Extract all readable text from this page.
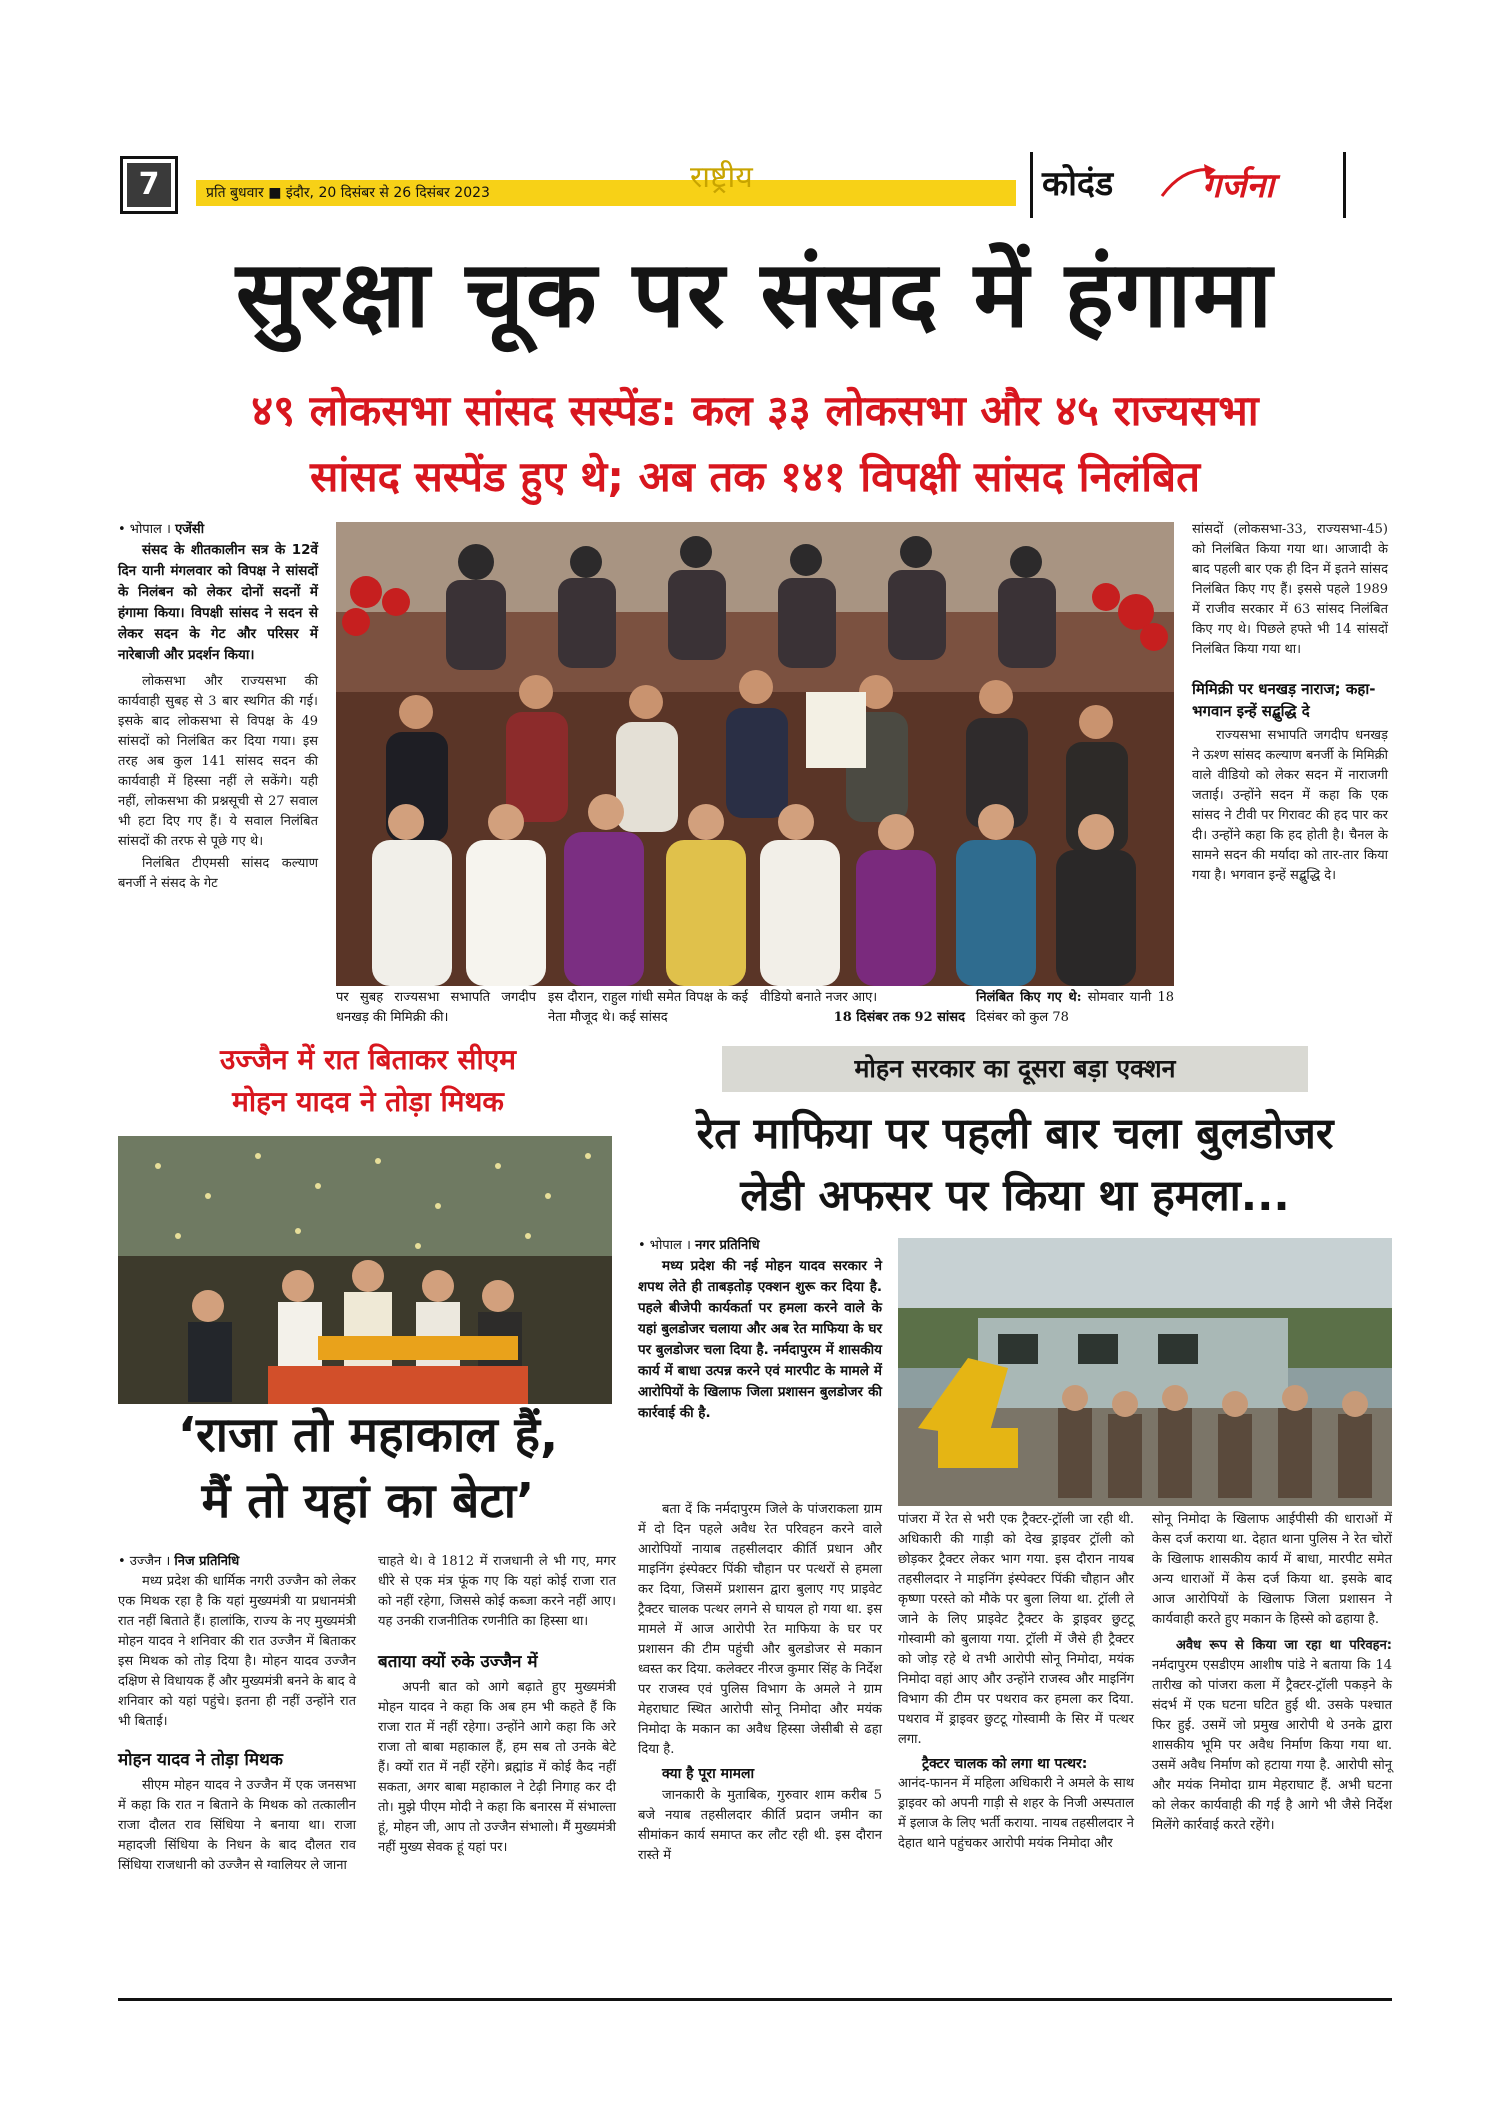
7	प्रति बुधवार ■ इंदौर, 20 दिसंबर से 26 दिसंबर 2023	राष्ट्रीय	कोदंड	गर्जना
सुरक्षा चूक पर संसद में हंगामा
४९ लोकसभा सांसद सस्पेंड: कल ३३ लोकसभा और ४५ राज्यसभा
सांसद सस्पेंड हुए थे; अब तक १४१ विपक्षी सांसद निलंबित

• भोपाल । एजेंसी

संसद के शीतकालीन सत्र के 12वें दिन यानी मंगलवार को विपक्ष ने सांसदों के निलंबन को लेकर दोनों सदनों में हंगामा किया। विपक्षी सांसद ने सदन से लेकर सदन के गेट और परिसर में नारेबाजी और प्रदर्शन किया।

लोकसभा और राज्यसभा की कार्यवाही सुबह से 3 बार स्थगित की गई। इसके बाद लोकसभा से विपक्ष के 49 सांसदों को निलंबित कर दिया गया। इस तरह अब कुल 141 सांसद सदन की कार्यवाही में हिस्सा नहीं ले सकेंगे। यही नहीं, लोकसभा की प्रश्नसूची से 27 सवाल भी हटा दिए गए हैं। ये सवाल निलंबित सांसदों की तरफ से पूछे गए थे।

निलंबित टीएमसी सांसद कल्याण बनर्जी ने संसद के गेट

पर सुबह राज्यसभा सभापति जगदीप धनखड़ की मिमिक्री की।

इस दौरान, राहुल गांधी समेत विपक्ष के कई नेता मौजूद थे। कई सांसद

वीडियो बनाते नजर आए।

18 दिसंबर तक 92 सांसद

निलंबित किए गए थे: सोमवार यानी 18 दिसंबर को कुल 78

सांसदों (लोकसभा-33, राज्यसभा-45) को निलंबित किया गया था। आजादी के बाद पहली बार एक ही दिन में इतने सांसद निलंबित किए गए हैं। इससे पहले 1989 में राजीव सरकार में 63 सांसद निलंबित किए गए थे। पिछले हफ्ते भी 14 सांसदों निलंबित किया गया था।

मिमिक्री पर धनखड़ नाराज; कहा- भगवान इन्हें सद्बुद्धि दे

राज्यसभा सभापति जगदीप धनखड़ ने ऊश्ण सांसद कल्याण बनर्जी के मिमिक्री वाले वीडियो को लेकर सदन में नाराजगी जताई। उन्होंने सदन में कहा कि एक सांसद ने टीवी पर गिरावट की हद पार कर दी। उन्होंने कहा कि हद होती है। चैनल के सामने सदन की मर्यादा को तार-तार किया गया है। भगवान इन्हें सद्बुद्धि दे।

उज्जैन में रात बिताकर सीएम
मोहन यादव ने तोड़ा मिथक
‘राजा तो महाकाल हैं,
मैं तो यहां का बेटा’

• उज्जैन । निज प्रतिनिधि

मध्य प्रदेश की धार्मिक नगरी उज्जैन को लेकर एक मिथक रहा है कि यहां मुख्यमंत्री या प्रधानमंत्री रात नहीं बिताते हैं। हालांकि, राज्य के नए मुख्यमंत्री मोहन यादव ने शनिवार की रात उज्जैन में बिताकर इस मिथक को तोड़ दिया है। मोहन यादव उज्जैन दक्षिण से विधायक हैं और मुख्यमंत्री बनने के बाद वे शनिवार को यहां पहुंचे। इतना ही नहीं उन्होंने रात भी बिताई।

मोहन यादव ने तोड़ा मिथक

सीएम मोहन यादव ने उज्जैन में एक जनसभा में कहा कि रात न बिताने के मिथक को तत्कालीन राजा दौलत राव सिंधिया ने बनाया था। राजा महादजी सिंधिया के निधन के बाद दौलत राव सिंधिया राजधानी को उज्जैन से ग्वालियर ले जाना

चाहते थे। वे 1812 में राजधानी ले भी गए, मगर धीरे से एक मंत्र फूंक गए कि यहां कोई राजा रात को नहीं रहेगा, जिससे कोई कब्जा करने नहीं आए। यह उनकी राजनीतिक रणनीति का हिस्सा था।

बताया क्यों रुके उज्जैन में

अपनी बात को आगे बढ़ाते हुए मुख्यमंत्री मोहन यादव ने कहा कि अब हम भी कहते हैं कि राजा रात में नहीं रहेगा। उन्होंने आगे कहा कि अरे राजा तो बाबा महाकाल हैं, हम सब तो उनके बेटे हैं। क्यों रात में नहीं रहेंगे। ब्रह्मांड में कोई कैद नहीं सकता, अगर बाबा महाकाल ने टेढ़ी निगाह कर दी तो। मुझे पीएम मोदी ने कहा कि बनारस में संभाल्ता हूं, मोहन जी, आप तो उज्जैन संभालो। मैं मुख्यमंत्री नहीं मुख्य सेवक हूं यहां पर।

मोहन सरकार का दूसरा बड़ा एक्शन
रेत माफिया पर पहली बार चला बुलडोजर
लेडी अफसर पर किया था हमला...

• भोपाल । नगर प्रतिनिधि

मध्य प्रदेश की नई मोहन यादव सरकार ने शपथ लेते ही ताबड़तोड़ एक्शन शुरू कर दिया है. पहले बीजेपी कार्यकर्ता पर हमला करने वाले के यहां बुलडोजर चलाया और अब रेत माफिया के घर पर बुलडोजर चला दिया है. नर्मदापुरम में शासकीय कार्य में बाधा उत्पन्न करने एवं मारपीट के मामले में आरोपियों के खिलाफ जिला प्रशासन बुलडोजर की कार्रवाई की है.

बता दें कि नर्मदापुरम जिले के पांजराकला ग्राम में दो दिन पहले अवैध रेत परिवहन करने वाले आरोपियों नायाब तहसीलदार कीर्ति प्रधान और माइनिंग इंस्पेक्टर पिंकी चौहान पर पत्थरों से हमला कर दिया, जिसमें प्रशासन द्वारा बुलाए गए प्राइवेट ट्रैक्टर चालक पत्थर लगने से घायल हो गया था. इस मामले में आज आरोपी रेत माफिया के घर पर प्रशासन की टीम पहुंची और बुलडोजर से मकान ध्वस्त कर दिया. कलेक्टर नीरज कुमार सिंह के निर्देश पर राजस्व एवं पुलिस विभाग के अमले ने ग्राम मेहराघाट स्थित आरोपी सोनू निमोदा और मयंक निमोदा के मकान का अवैध हिस्सा जेसीबी से ढहा दिया है.

क्या है पूरा मामला

जानकारी के मुताबिक, गुरुवार शाम करीब 5 बजे नयाब तहसीलदार कीर्ति प्रदान जमीन का सीमांकन कार्य समाप्त कर लौट रही थी. इस दौरान रास्ते में

पांजरा में रेत से भरी एक ट्रैक्टर-ट्रॉली जा रही थी. अधिकारी की गाड़ी को देख ड्राइवर ट्रॉली को छोड़कर ट्रैक्टर लेकर भाग गया. इस दौरान नायब तहसीलदार ने माइनिंग इंस्पेक्टर पिंकी चौहान और कृष्णा परस्ते को मौके पर बुला लिया था. ट्रॉली ले जाने के लिए प्राइवेट ट्रैक्टर के ड्राइवर छुटटू गोस्वामी को बुलाया गया. ट्रॉली में जैसे ही ट्रैक्टर को जोड़ रहे थे तभी आरोपी सोनू निमोदा, मयंक निमोदा वहां आए और उन्होंने राजस्व और माइनिंग विभाग की टीम पर पथराव कर हमला कर दिया. पथराव में ड्राइवर छुटटू गोस्वामी के सिर में पत्थर लगा.

ट्रैक्टर चालक को लगा था पत्थर:

आनंद-फानन में महिला अधिकारी ने अमले के साथ ड्राइवर को अपनी गाड़ी से शहर के निजी अस्पताल में इलाज के लिए भर्ती कराया. नायब तहसीलदार ने देहात थाने पहुंचकर आरोपी मयंक निमोदा और

सोनू निमोदा के खिलाफ आईपीसी की धाराओं में केस दर्ज कराया था. देहात थाना पुलिस ने रेत चोरों के खिलाफ शासकीय कार्य में बाधा, मारपीट समेत अन्य धाराओं में केस दर्ज किया था. इसके बाद आज आरोपियों के खिलाफ जिला प्रशासन ने कार्यवाही करते हुए मकान के हिस्से को ढहाया है.

अवैध रूप से किया जा रहा था परिवहन: नर्मदापुरम एसडीएम आशीष पांडे ने बताया कि 14 तारीख को पांजरा कला में ट्रैक्टर-ट्रॉली पकड़ने के संदर्भ में एक घटना घटित हुई थी. उसके पश्चात फिर हुई. उसमें जो प्रमुख आरोपी थे उनके द्वारा शासकीय भूमि पर अवैध निर्माण किया गया था. उसमें अवैध निर्माण को हटाया गया है. आरोपी सोनू और मयंक निमोदा ग्राम मेहराघाट हैं. अभी घटना को लेकर कार्यवाही की गई है आगे भी जैसे निर्देश मिलेंगे कार्रवाई करते रहेंगे।
